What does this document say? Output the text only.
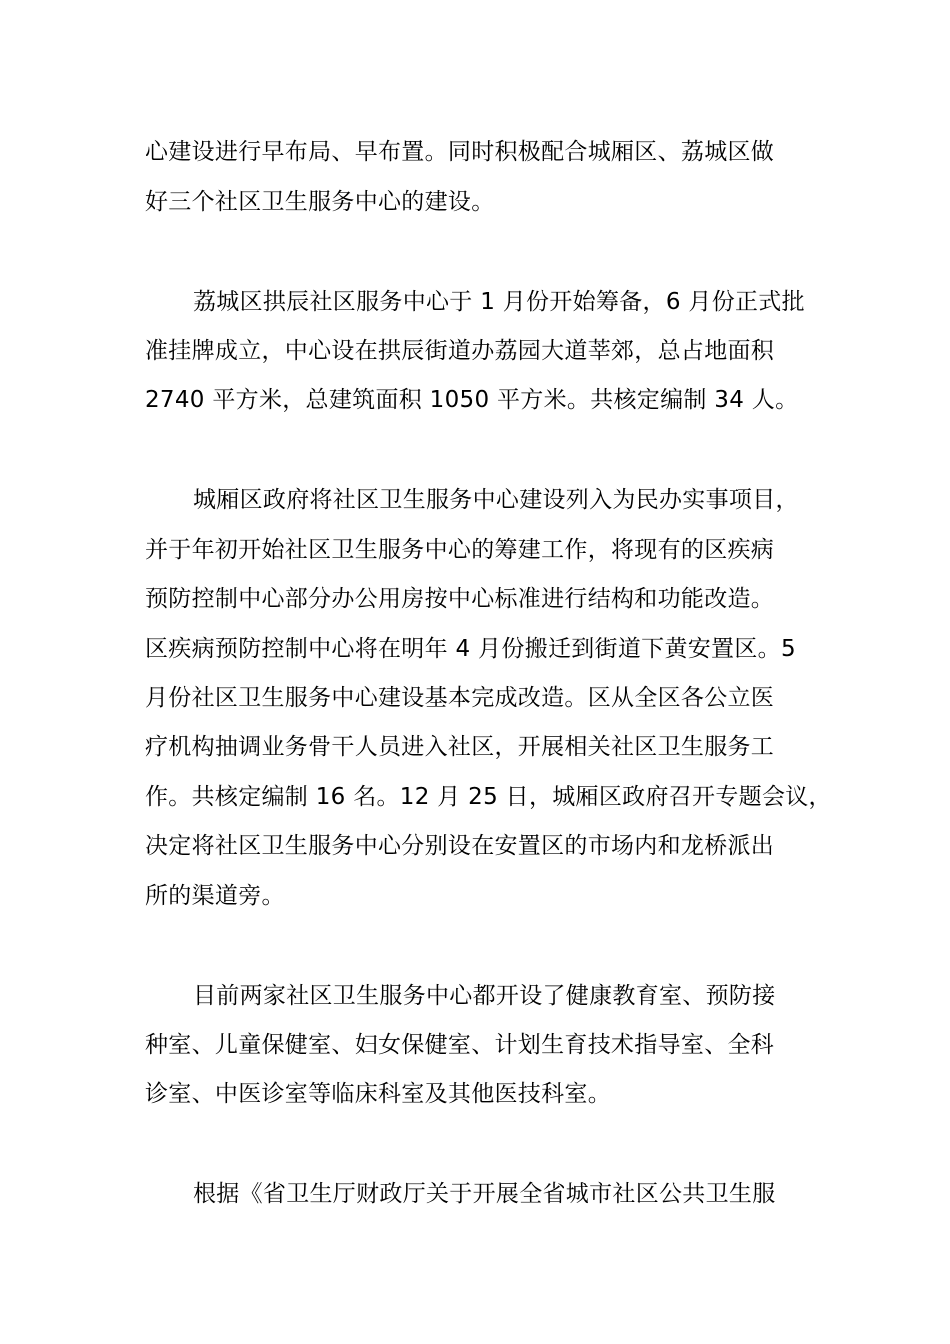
心建设进行早布局、早布置。同时积极配合城厢区、荔城区做
好三个社区卫生服务中心的建设。
荔城区拱辰社区服务中心于 1 月份开始筹备，6 月份正式批
准挂牌成立，中心设在拱辰街道办荔园大道莘郊，总占地面积
2740 平方米，总建筑面积 1050 平方米。共核定编制 34 人。
城厢区政府将社区卫生服务中心建设列入为民办实事项目，
并于年初开始社区卫生服务中心的筹建工作，将现有的区疾病
预防控制中心部分办公用房按中心标准进行结构和功能改造。
区疾病预防控制中心将在明年 4 月份搬迁到街道下黄安置区。5
月份社区卫生服务中心建设基本完成改造。区从全区各公立医
疗机构抽调业务骨干人员进入社区，开展相关社区卫生服务工
作。共核定编制 16 名。12 月 25 日，城厢区政府召开专题会议，
决定将社区卫生服务中心分别设在安置区的市场内和龙桥派出
所的渠道旁。
目前两家社区卫生服务中心都开设了健康教育室、预防接
种室、儿童保健室、妇女保健室、计划生育技术指导室、全科
诊室、中医诊室等临床科室及其他医技科室。
根据《省卫生厅财政厅关于开展全省城市社区公共卫生服
